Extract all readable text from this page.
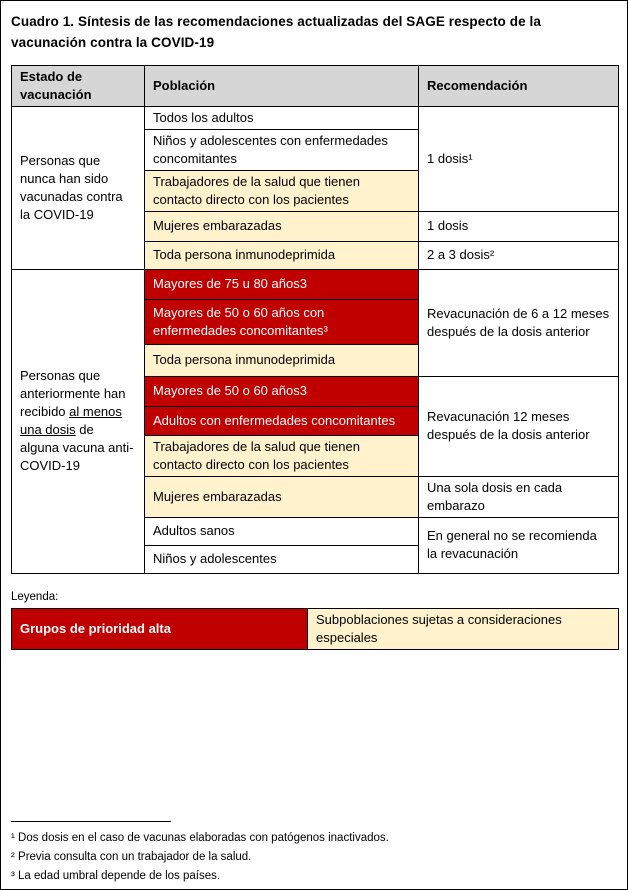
Cuadro 1. Síntesis de las recomendaciones actualizadas del SAGE respecto de la vacunación contra la COVID-19
Estado de vacunación	Población	Recomendación
Personas que nunca han sido vacunadas contra la COVID-19	Todos los adultos	1 dosis¹
	Niños y adolescentes con enfermedades concomitantes	
	Trabajadores de la salud que tienen contacto directo con los pacientes	
	Mujeres embarazadas	1 dosis
	Toda persona inmunodeprimida	2 a 3 dosis²
Personas que anteriormente han recibido al menos una dosis de alguna vacuna anti-COVID-19	Mayores de 75 u 80 años3	Revacunación de 6 a 12 meses después de la dosis anterior
	Mayores de 50 o 60 años con enfermedades concomitantes³	
	Toda persona inmunodeprimida	
	Mayores de 50 o 60 años3	Revacunación 12 meses después de la dosis anterior
	Adultos con enfermedades concomitantes	
	Trabajadores de la salud que tienen contacto directo con los pacientes	
	Mujeres embarazadas	Una sola dosis en cada embarazo
	Adultos sanos	En general no se recomienda la revacunación
	Niños y adolescentes	
Leyenda:
Grupos de prioridad alta	Subpoblaciones sujetas a consideraciones especiales

¹ Dos dosis en el caso de vacunas elaboradas con patógenos inactivados.

² Previa consulta con un trabajador de la salud.

³ La edad umbral depende de los países.
